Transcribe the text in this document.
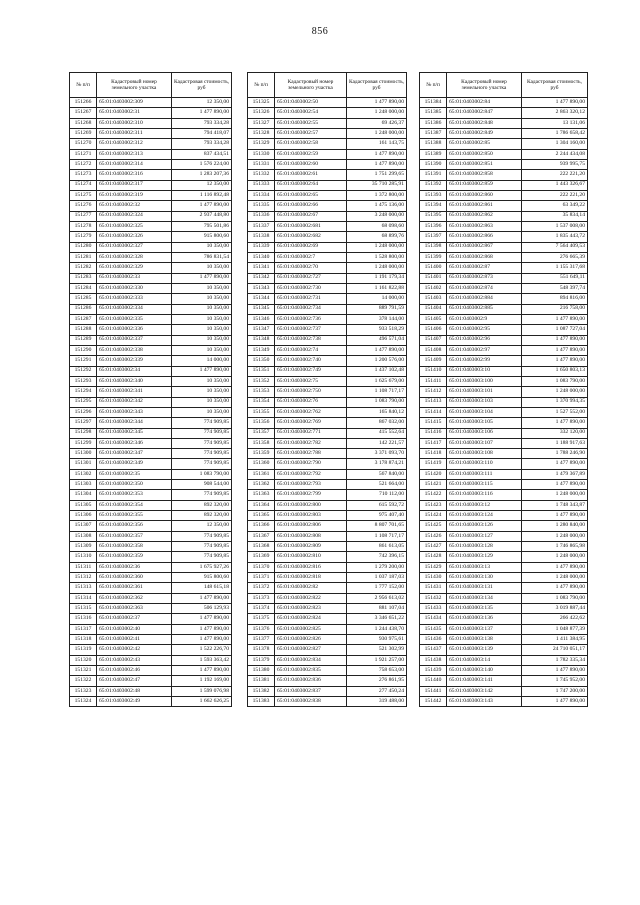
856
№ п/п	Кадастровый номер земельного участка	Кадастровая стоимость, руб
151266	65:01:0403002:309	12 350,00
151267	65:01:0403002:31	1 477 890,00
151268	65:01:0403002:310	793 334,28
151269	65:01:0403002:311	794 418,07
151270	65:01:0403002:312	793 334,28
151271	65:01:0403002:313	837 434,51
151272	65:01:0403002:314	1 576 224,00
151273	65:01:0403002:316	1 283 207,36
151274	65:01:0403002:317	12 350,00
151275	65:01:0403002:319	1 116 892,48
151276	65:01:0403002:32	1 477 890,00
151277	65:01:0403002:324	2 937 448,80
151278	65:01:0403002:325	795 501,86
151279	65:01:0403002:326	915 800,60
151280	65:01:0403002:327	10 350,00
151281	65:01:0403002:328	786 831,54
151282	65:01:0403002:329	10 350,00
151283	65:01:0403002:33	1 477 890,00
151284	65:01:0403002:330	10 350,00
151285	65:01:0403002:333	10 350,00
151286	65:01:0403002:334	10 350,00
151287	65:01:0403002:335	10 350,00
151288	65:01:0403002:336	10 350,00
151289	65:01:0403002:337	10 350,00
151290	65:01:0403002:338	10 350,00
151291	65:01:0403002:339	14 000,00
151292	65:01:0403002:34	1 477 890,00
151293	65:01:0403002:340	10 350,00
151294	65:01:0403002:341	10 350,00
151295	65:01:0403002:342	10 350,00
151296	65:01:0403002:343	10 350,00
151297	65:01:0403002:344	774 909,85
151298	65:01:0403002:345	774 909,85
151299	65:01:0403002:346	774 909,85
151300	65:01:0403002:347	774 909,85
151301	65:01:0403002:349	774 909,85
151302	65:01:0403002:35	1 083 790,00
151303	65:01:0403002:350	908 544,00
151304	65:01:0403002:353	774 909,85
151305	65:01:0403002:354	892 320,00
151306	65:01:0403002:355	892 320,00
151307	65:01:0403002:356	12 350,00
151308	65:01:0403002:357	774 909,85
151309	65:01:0403002:358	774 909,85
151310	65:01:0403002:359	774 909,85
151311	65:01:0403002:36	1 675 927,26
151312	65:01:0403002:360	915 800,60
151313	65:01:0403002:361	148 615,18
151314	65:01:0403002:362	1 477 890,00
151315	65:01:0403002:363	506 129,93
151316	65:01:0403002:37	1 477 890,00
151317	65:01:0403002:40	1 477 890,00
151318	65:01:0403002:41	1 477 890,00
151319	65:01:0403002:42	1 522 226,70
151320	65:01:0403002:43	1 593 363,42
151321	65:01:0403002:46	1 477 890,00
151322	65:01:0403002:47	1 192 169,00
151323	65:01:0403002:48	1 599 076,98
151324	65:01:0403002:49	1 662 626,25
№ п/п	Кадастровый номер земельного участка	Кадастровая стоимость, руб
151325	65:01:0403002:50	1 477 890,00
151326	65:01:0403002:54	1 248 000,00
151327	65:01:0403002:55	69 426,37
151328	65:01:0403002:57	1 248 000,00
151329	65:01:0403002:58	161 143,75
151330	65:01:0403002:59	1 477 890,00
151331	65:01:0403002:60	1 477 890,00
151332	65:01:0403002:61	1 751 299,65
151333	65:01:0403002:64	35 710 285,91
151334	65:01:0403002:65	1 372 800,00
151335	65:01:0403002:66	1 475 136,00
151336	65:01:0403002:67	3 248 000,00
151337	65:01:0403002:681	68 098,60
151338	65:01:0403002:682	68 899,76
151339	65:01:0403002:69	1 248 000,00
151340	65:01:0403002:7	1 528 800,00
151341	65:01:0403002:70	1 248 000,00
151342	65:01:0403002:727	1 191 179,34
151343	65:01:0403002:730	1 161 822,88
151344	65:01:0403002:731	14 000,00
151345	65:01:0403002:734	889 791,59
151346	65:01:0403002:736	378 144,00
151347	65:01:0403002:737	933 518,29
151348	65:01:0403002:738	496 571,04
151349	65:01:0403002:74	1 477 890,00
151350	65:01:0403002:740	1 200 576,00
151351	65:01:0403002:749	1 437 102,48
151352	65:01:0403002:75	1 625 679,00
151353	65:01:0403002:750	1 108 717,17
151354	65:01:0403002:76	1 083 790,00
151355	65:01:0403002:762	165 840,12
151356	65:01:0403002:769	867 032,00
151357	65:01:0403002:771	415 552,64
151358	65:01:0403002:782	142 221,57
151359	65:01:0403002:788	3 371 093,70
151360	65:01:0403002:790	3 178 874,21
151361	65:01:0403002:792	567 840,00
151362	65:01:0403002:793	521 664,00
151363	65:01:0403002:799	710 112,00
151364	65:01:0403002:800	615 592,72
151365	65:01:0403002:803	975 407,40
151366	65:01:0403002:806	8 807 701,65
151367	65:01:0403002:808	1 108 717,17
151368	65:01:0403002:809	861 613,05
151369	65:01:0403002:810	742 396,15
151370	65:01:0403002:816	1 279 200,00
151371	65:01:0403002:818	1 037 187,03
151372	65:01:0403002:82	1 777 152,00
151373	65:01:0403002:822	2 956 613,02
151374	65:01:0403002:823	881 107,04
151375	65:01:0403002:824	3 346 651,22
151376	65:01:0403002:825	1 244 438,70
151377	65:01:0403002:826	930 975,61
151378	65:01:0403002:827	521 302,99
151379	65:01:0403002:834	1 921 257,00
151380	65:01:0403002:835	758 653,00
151381	65:01:0403002:836	276 861,95
151382	65:01:0403002:837	277 450,24
151383	65:01:0403002:838	319 488,00
№ п/п	Кадастровый номер земельного участка	Кадастровая стоимость, руб
151384	65:01:0403002:84	1 477 890,00
151385	65:01:0403002:847	2 863 320,12
151386	65:01:0403002:848	13 131,06
151387	65:01:0403002:849	1 786 658,42
151388	65:01:0403002:85	1 304 160,00
151389	65:01:0403002:850	2 244 434,08
151390	65:01:0403002:851	939 995,75
151391	65:01:0403002:858	222 221,20
151392	65:01:0403002:859	1 443 326,67
151393	65:01:0403002:860	222 221,20
151394	65:01:0403002:861	63 349,22
151395	65:01:0403002:862	35 834,14
151396	65:01:0403002:863	1 537 008,00
151397	65:01:0403002:866	1 835 443,72
151398	65:01:0403002:867	7 564 409,53
151399	65:01:0403002:868	276 665,39
151400	65:01:0403002:87	1 155 317,68
151401	65:01:0403002:873	551 649,11
151402	65:01:0403002:874	548 397,74
151403	65:01:0403002:884	894 816,00
151404	65:01:0403002:885	216 758,00
151405	65:01:0403002:9	1 477 890,00
151406	65:01:0403002:95	1 087 727,04
151407	65:01:0403002:96	1 477 890,00
151408	65:01:0403002:97	1 477 890,00
151409	65:01:0403002:99	1 477 890,00
151410	65:01:0403003:10	1 650 803,13
151411	65:01:0403003:100	1 083 790,00
151412	65:01:0403003:101	1 248 000,00
151413	65:01:0403003:103	1 370 994,35
151414	65:01:0403003:104	1 527 552,00
151415	65:01:0403003:105	1 477 890,00
151416	65:01:0403003:106	332 120,00
151417	65:01:0403003:107	1 188 917,63
151418	65:01:0403003:108	1 788 246,90
151419	65:01:0403003:110	1 477 890,00
151420	65:01:0403003:111	1 479 367,89
151421	65:01:0403003:115	1 477 890,00
151422	65:01:0403003:116	1 248 000,00
151423	65:01:0403003:12	1 748 343,87
151424	65:01:0403003:124	1 477 890,00
151425	65:01:0403003:126	1 280 840,00
151426	65:01:0403003:127	1 248 000,00
151427	65:01:0403003:128	1 746 865,98
151428	65:01:0403003:129	1 248 000,00
151429	65:01:0403003:13	1 477 890,00
151430	65:01:0403003:130	1 248 000,00
151431	65:01:0403003:131	1 477 890,00
151432	65:01:0403003:134	1 083 790,00
151433	65:01:0403003:135	3 019 887,44
151434	65:01:0403003:136	266 422,62
151435	65:01:0403003:137	1 048 877,39
151436	65:01:0403003:138	1 411 384,95
151437	65:01:0403003:139	24 710 051,17
151438	65:01:0403003:14	1 782 335,34
151439	65:01:0403003:140	1 477 890,00
151440	65:01:0403003:141	1 745 952,00
151441	65:01:0403003:142	1 747 200,00
151442	65:01:0403003:143	1 477 890,00
